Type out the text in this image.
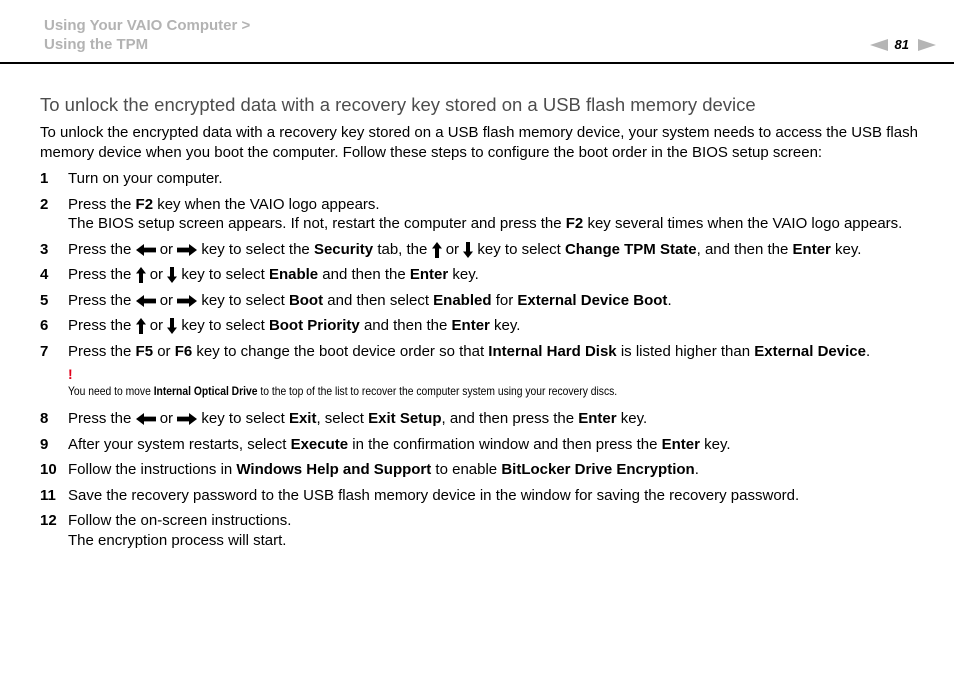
Using Your VAIO Computer >
Using the TPM	81
To unlock the encrypted data with a recovery key stored on a USB flash memory device

To unlock the encrypted data with a recovery key stored on a USB flash memory device, your system needs to access the USB flash memory device when you boot the computer. Follow these steps to configure the boot order in the BIOS setup screen:

1	Turn on your computer.
2	Press the F2 key when the VAIO logo appears.
The BIOS setup screen appears. If not, restart the computer and press the F2 key several times when the VAIO logo appears.
3	Press the  or  key to select the Security tab, the  or  key to select Change TPM State, and then the Enter key.
4	Press the  or  key to select Enable and then the Enter key.
5	Press the  or  key to select Boot and then select Enabled for External Device Boot.
6	Press the  or  key to select Boot Priority and then the Enter key.
7	Press the F5 or F6 key to change the boot device order so that Internal Hard Disk is listed higher than External Device.
!
You need to move Internal Optical Drive to the top of the list to recover the computer system using your recovery discs.
8	Press the  or  key to select Exit, select Exit Setup, and then press the Enter key.
9	After your system restarts, select Execute in the confirmation window and then press the Enter key.
10 Follow the instructions in Windows Help and Support to enable BitLocker Drive Encryption.
11 Save the recovery password to the USB flash memory device in the window for saving the recovery password.
12 Follow the on-screen instructions.
The encryption process will start.
